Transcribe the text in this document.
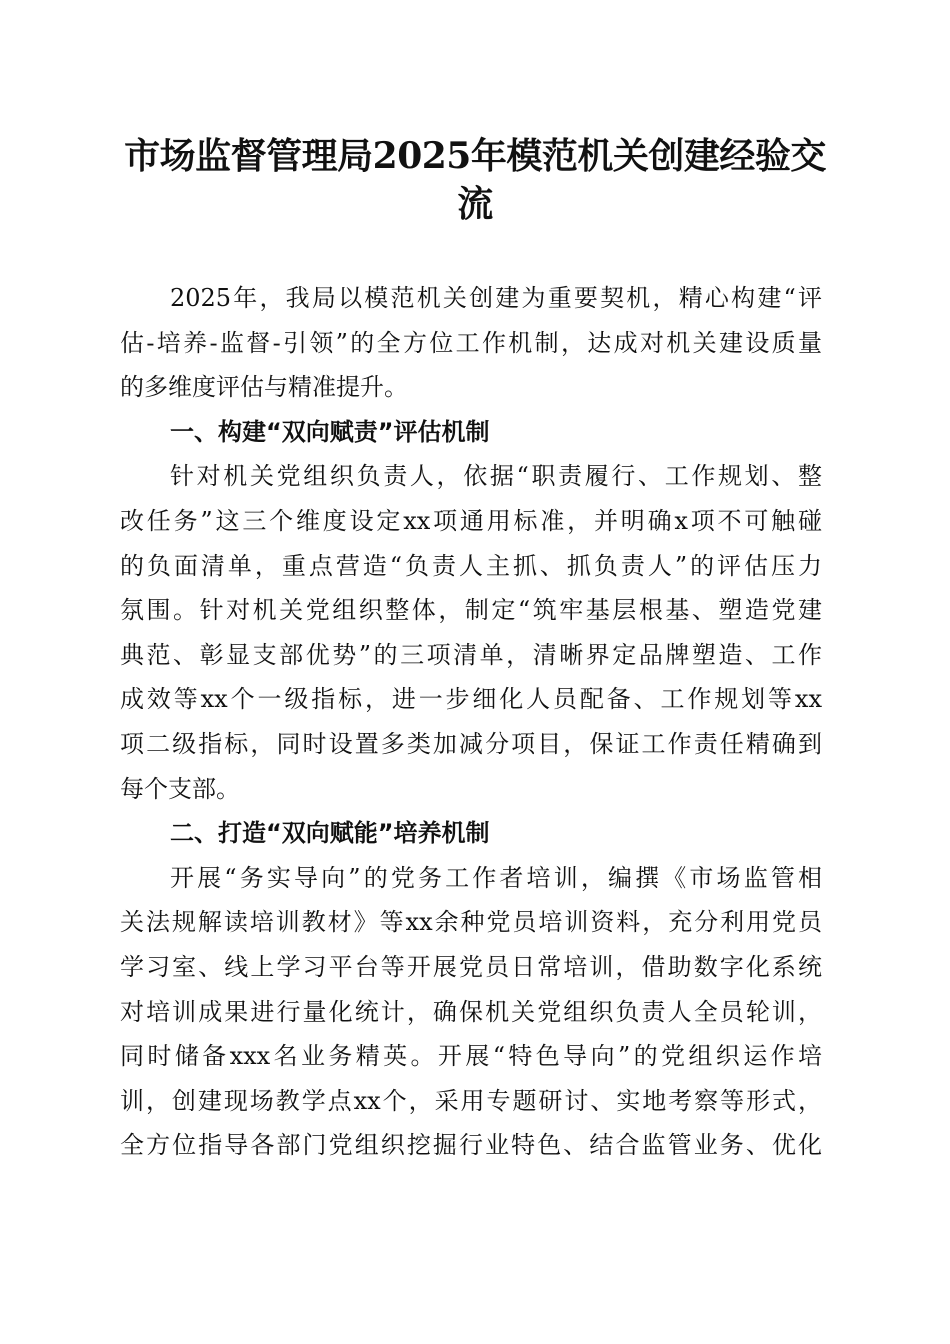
市场监督管理局2025年模范机关创建经验交
流
2025年，我局以模范机关创建为重要契机，精心构建“评
估-培养-监督-引领”的全方位工作机制，达成对机关建设质量
的多维度评估与精准提升。
一、构建“双向赋责”评估机制
针对机关党组织负责人，依据“职责履行、工作规划、整
改任务”这三个维度设定xx项通用标准，并明确x项不可触碰
的负面清单，重点营造“负责人主抓、抓负责人”的评估压力
氛围。针对机关党组织整体，制定“筑牢基层根基、塑造党建
典范、彰显支部优势”的三项清单，清晰界定品牌塑造、工作
成效等xx个一级指标，进一步细化人员配备、工作规划等xx
项二级指标，同时设置多类加减分项目，保证工作责任精确到
每个支部。
二、打造“双向赋能”培养机制
开展“务实导向”的党务工作者培训，编撰《市场监管相
关法规解读培训教材》等xx余种党员培训资料，充分利用党员
学习室、线上学习平台等开展党员日常培训，借助数字化系统
对培训成果进行量化统计，确保机关党组织负责人全员轮训，
同时储备xxx名业务精英。开展“特色导向”的党组织运作培
训，创建现场教学点xx个，采用专题研讨、实地考察等形式，
全方位指导各部门党组织挖掘行业特色、结合监管业务、优化
